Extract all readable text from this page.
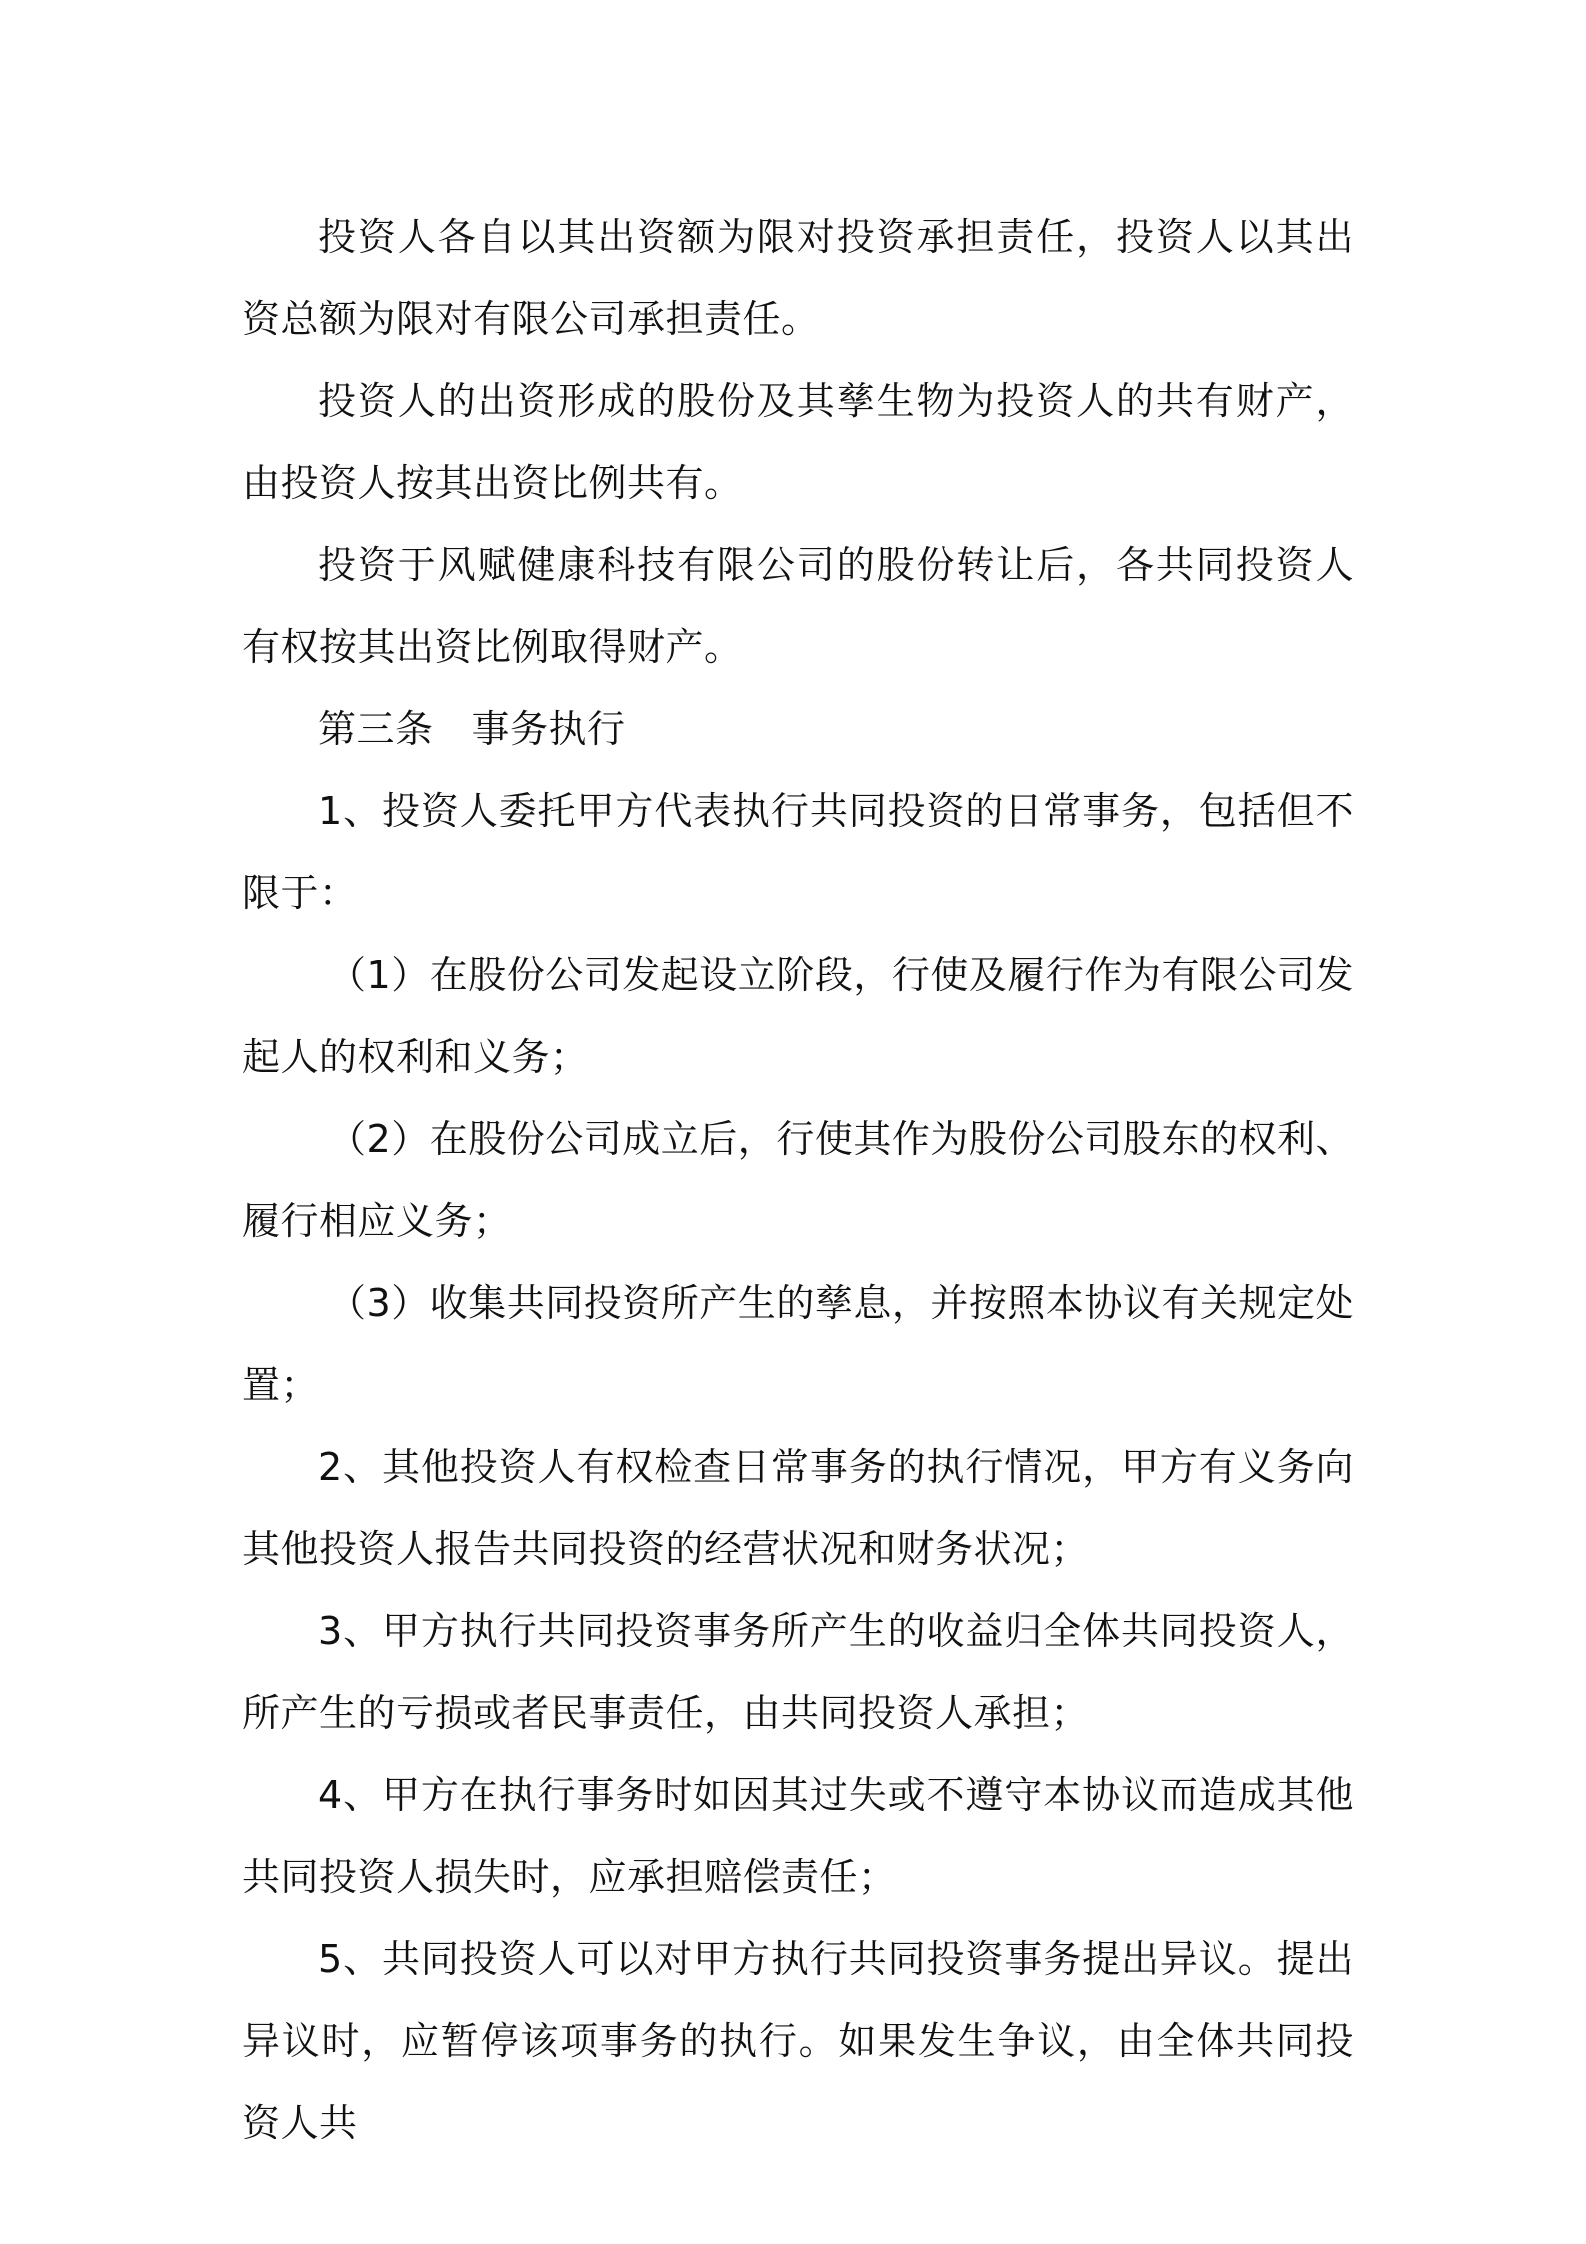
投资人各自以其出资额为限对投资承担责任，投资人以其出资总额为限对有限公司承担责任。

投资人的出资形成的股份及其孳生物为投资人的共有财产，由投资人按其出资比例共有。

投资于风赋健康科技有限公司的股份转让后，各共同投资人有权按其出资比例取得财产。

第三条 事务执行

1、投资人委托甲方代表执行共同投资的日常事务，包括但不限于：

（1）在股份公司发起设立阶段，行使及履行作为有限公司发起人的权利和义务；

（2）在股份公司成立后，行使其作为股份公司股东的权利、履行相应义务；

（3）收集共同投资所产生的孳息，并按照本协议有关规定处置；

2、其他投资人有权检查日常事务的执行情况，甲方有义务向其他投资人报告共同投资的经营状况和财务状况；

3、甲方执行共同投资事务所产生的收益归全体共同投资人，所产生的亏损或者民事责任，由共同投资人承担；

4、甲方在执行事务时如因其过失或不遵守本协议而造成其他共同投资人损失时，应承担赔偿责任；

5、共同投资人可以对甲方执行共同投资事务提出异议。提出异议时，应暂停该项事务的执行。如果发生争议，由全体共同投资人共
